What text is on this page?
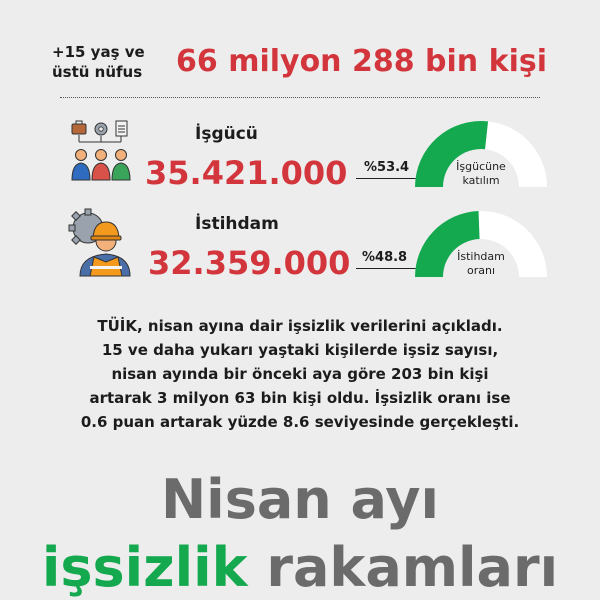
+15 yaş ve
üstü nüfus 66 milyon 288 bin kişi
İşgücü
35.421.000 %53.4	İşgücüne
katılım
İstihdam
32.359.000 %48.8	İstihdam
oranı
TÜİK, nisan ayına dair işsizlik verilerini açıkladı.
15 ve daha yukarı yaştaki kişilerde işsiz sayısı,
nisan ayında bir önceki aya göre 203 bin kişi
artarak 3 milyon 63 bin kişi oldu. İşsizlik oranı ise
0.6 puan artarak yüzde 8.6 seviyesinde gerçekleşti.
Nisan ayı
işsizlik rakamları
